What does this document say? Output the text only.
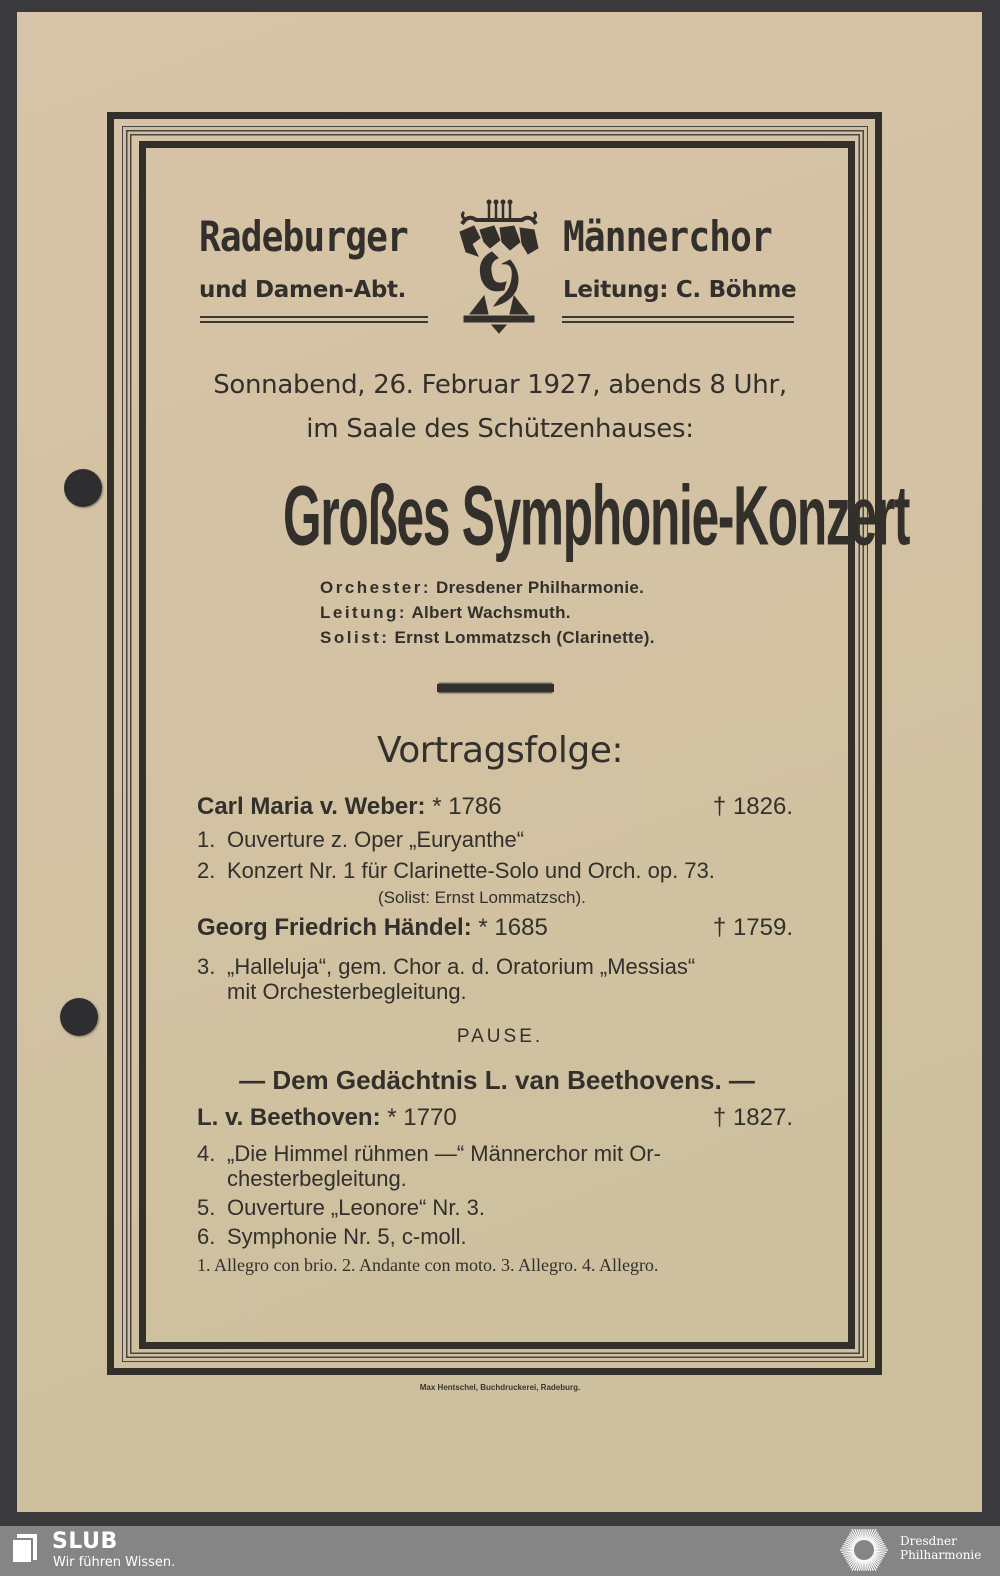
Radeburger
und Damen-Abt.
Männerchor
Leitung: C. Böhme
Sonnabend, 26. Februar 1927, abends 8 Uhr,
im Saale des Schützenhauses:
Großes Symphonie-Konzert
Orchester: Dresdener Philharmonie.
Leitung: Albert Wachsmuth.
Solist: Ernst Lommatzsch (Clarinette).
Vortragsfolge:
Carl Maria v. Weber: * 1786	† 1826.
1. Ouverture z. Oper „Euryanthe“
2. Konzert Nr. 1 für Clarinette-Solo und Orch. op. 73.
(Solist: Ernst Lommatzsch).
Georg Friedrich Händel: * 1685	† 1759.
3. „Halleluja“, gem. Chor a. d. Oratorium „Messias“
mit Orchesterbegleitung.
PAUSE.
— Dem Gedächtnis L. van Beethovens. —
L. v. Beethoven: * 1770	† 1827.
4. „Die Himmel rühmen —“ Männerchor mit Or-
chesterbegleitung.
5. Ouverture „Leonore“ Nr. 3.
6. Symphonie Nr. 5, c-moll.
1. Allegro con brio. 2. Andante con moto. 3. Allegro. 4. Allegro.
Max Hentschel, Buchdruckerei, Radeburg.
SLUB
Wir führen Wissen.
Dresdner
Philharmonie
